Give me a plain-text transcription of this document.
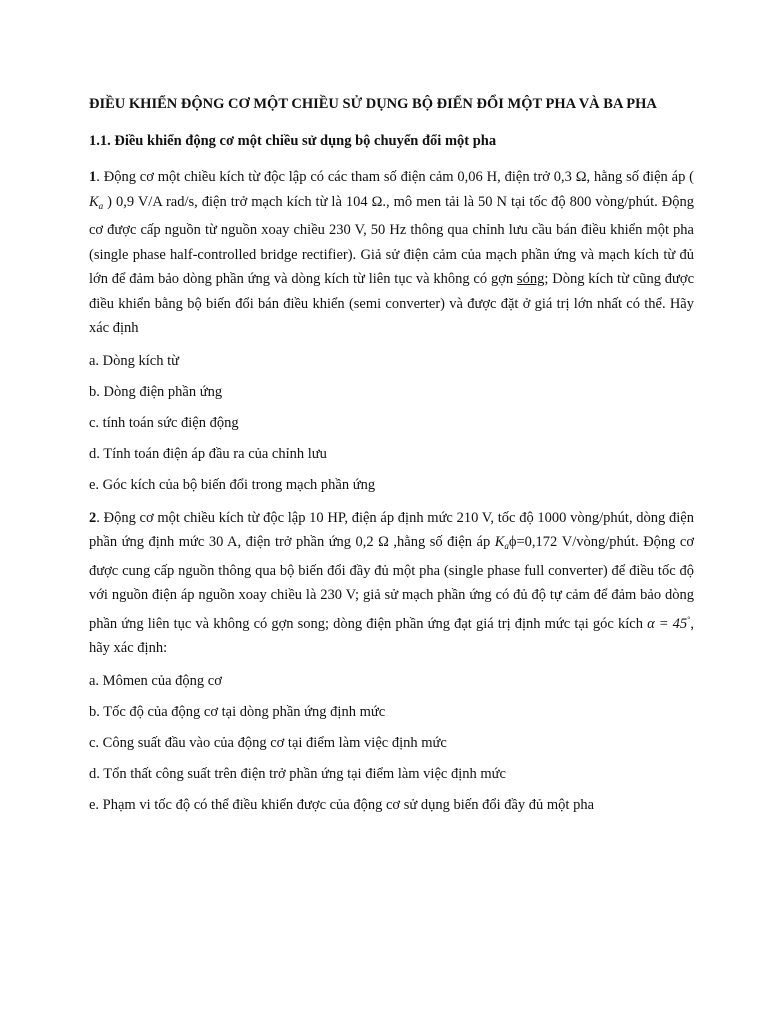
ĐIỀU KHIỂN ĐỘNG CƠ MỘT CHIỀU SỬ DỤNG BỘ ĐIỂN ĐỔI MỘT PHA VÀ BA PHA
1.1. Điều khiển động cơ một chiều sử dụng bộ chuyển đổi một pha
1. Động cơ một chiều kích từ độc lập có các tham số điện cảm 0,06 H, điện trở 0,3 Ω, hằng số điện áp ( $K_a$ ) 0,9 V/A rad/s, điện trở mạch kích từ là 104 Ω., mô men tải là 50 N tại tốc độ 800 vòng/phút. Động cơ được cấp nguồn từ nguồn xoay chiều 230 V, 50 Hz thông qua chỉnh lưu cầu bán điều khiển một pha (single phase half-controlled bridge rectifier). Giả sử điện cảm của mạch phần ứng và mạch kích từ đủ lớn để đảm bảo dòng phần ứng và dòng kích từ liên tục và không có gợn sóng; Dòng kích từ cũng được điều khiển bằng bộ biến đổi bán điều khiển (semi converter) và được đặt ở giá trị lớn nhất có thể. Hãy xác định
a. Dòng kích từ
b. Dòng điện phần ứng
c. tính toán sức điện động
d. Tính toán điện áp đầu ra của chỉnh lưu
e. Góc kích của bộ biến đổi trong mạch phần ứng
2. Động cơ một chiều kích từ độc lập 10 HP, điện áp định mức 210 V, tốc độ 1000 vòng/phút, dòng điện phần ứng định mức 30 A, điện trở phần ứng 0,2 Ω ,hằng số điện áp $K_a\phi=0,172$ V/vòng/phút. Động cơ được cung cấp nguồn thông qua bộ biến đổi đầy đủ một pha (single phase full converter) để điều tốc độ với nguồn điện áp nguồn xoay chiều là 230 V; giả sử mạch phần ứng có đủ độ tự cảm để đảm bảo dòng phần ứng liên tục và không có gợn song; dòng điện phần ứng đạt giá trị định mức tại góc kích α = 45°, hãy xác định:
a. Mômen của động cơ
b. Tốc độ của động cơ tại dòng phần ứng định mức
c. Công suất đầu vào của động cơ tại điểm làm việc định mức
d. Tổn thất công suất trên điện trở phần ứng tại điểm làm việc định mức
e. Phạm vi tốc độ có thể điều khiển được của động cơ sử dụng biến đổi đầy đủ một pha
